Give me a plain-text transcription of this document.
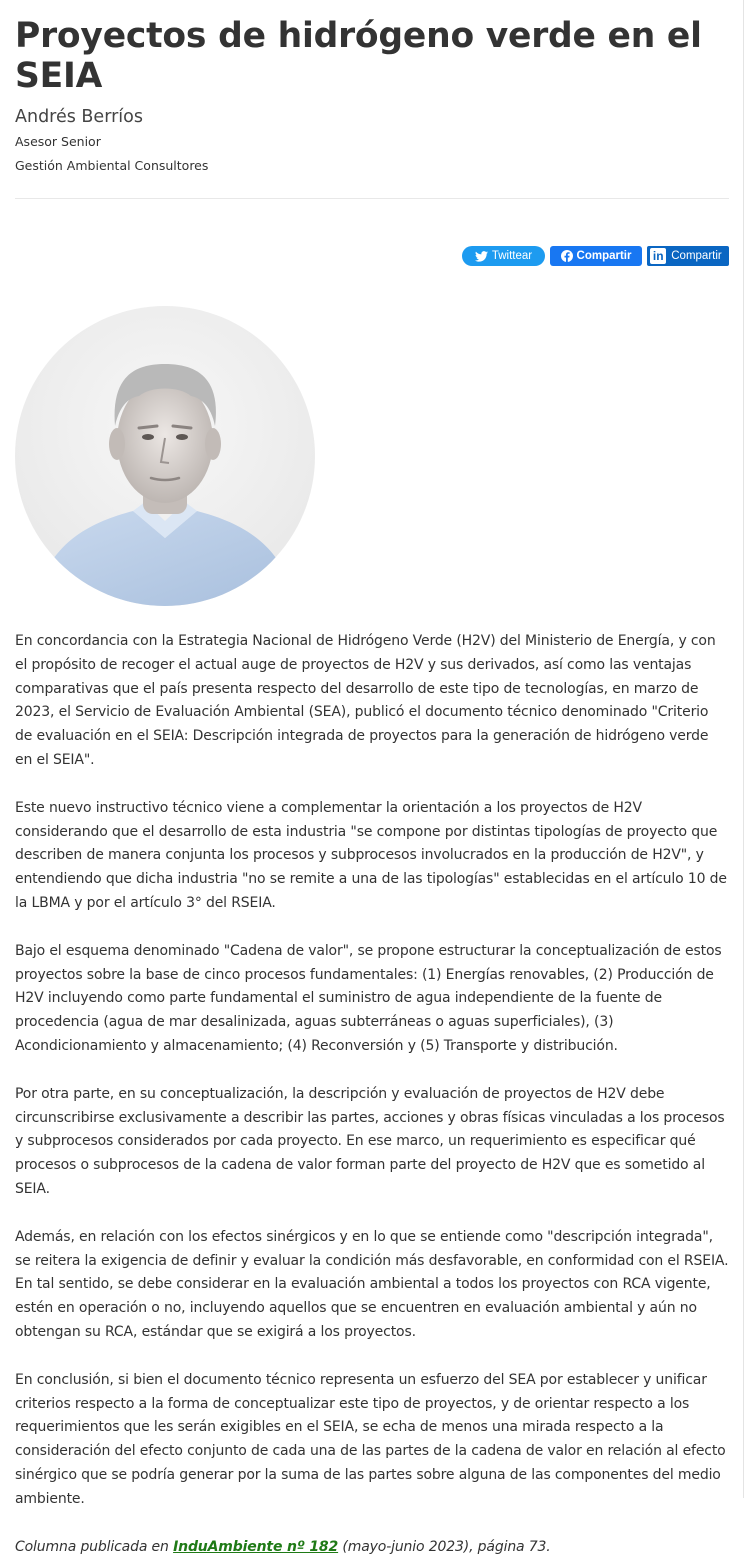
Proyectos de hidrógeno verde en el SEIA
Andrés Berríos
Asesor Senior
Gestión Ambiental Consultores
Twittear	Compartir in Compartir

En concordancia con la Estrategia Nacional de Hidrógeno Verde (H2V) del Ministerio de Energía, y con el propósito de recoger el actual auge de proyectos de H2V y sus derivados, así como las ventajas comparativas que el país presenta respecto del desarrollo de este tipo de tecnologías, en marzo de 2023, el Servicio de Evaluación Ambiental (SEA), publicó el documento técnico denominado "Criterio de evaluación en el SEIA: Descripción integrada de proyectos para la generación de hidrógeno verde en el SEIA".

Este nuevo instructivo técnico viene a complementar la orientación a los proyectos de H2V considerando que el desarrollo de esta industria "se compone por distintas tipologías de proyecto que describen de manera conjunta los procesos y subprocesos involucrados en la producción de H2V", y entendiendo que dicha industria "no se remite a una de las tipologías" establecidas en el artículo 10 de la LBMA y por el artículo 3° del RSEIA.

Bajo el esquema denominado "Cadena de valor", se propone estructurar la conceptualización de estos proyectos sobre la base de cinco procesos fundamentales: (1) Energías renovables, (2) Producción de H2V incluyendo como parte fundamental el suministro de agua independiente de la fuente de procedencia (agua de mar desalinizada, aguas subterráneas o aguas superficiales), (3) Acondicionamiento y almacenamiento; (4) Reconversión y (5) Transporte y distribución.

Por otra parte, en su conceptualización, la descripción y evaluación de proyectos de H2V debe circunscribirse exclusivamente a describir las partes, acciones y obras físicas vinculadas a los procesos y subprocesos considerados por cada proyecto. En ese marco, un requerimiento es especificar qué procesos o subprocesos de la cadena de valor forman parte del proyecto de H2V que es sometido al SEIA.

Además, en relación con los efectos sinérgicos y en lo que se entiende como "descripción integrada", se reitera la exigencia de definir y evaluar la condición más desfavorable, en conformidad con el RSEIA. En tal sentido, se debe considerar en la evaluación ambiental a todos los proyectos con RCA vigente, estén en operación o no, incluyendo aquellos que se encuentren en evaluación ambiental y aún no obtengan su RCA, estándar que se exigirá a los proyectos.

En conclusión, si bien el documento técnico representa un esfuerzo del SEA por establecer y unificar criterios respecto a la forma de conceptualizar este tipo de proyectos, y de orientar respecto a los requerimientos que les serán exigibles en el SEIA, se echa de menos una mirada respecto a la consideración del efecto conjunto de cada una de las partes de la cadena de valor en relación al efecto sinérgico que se podría generar por la suma de las partes sobre alguna de las componentes del medio ambiente.

Columna publicada en InduAmbiente nº 182 (mayo-junio 2023), página 73.
